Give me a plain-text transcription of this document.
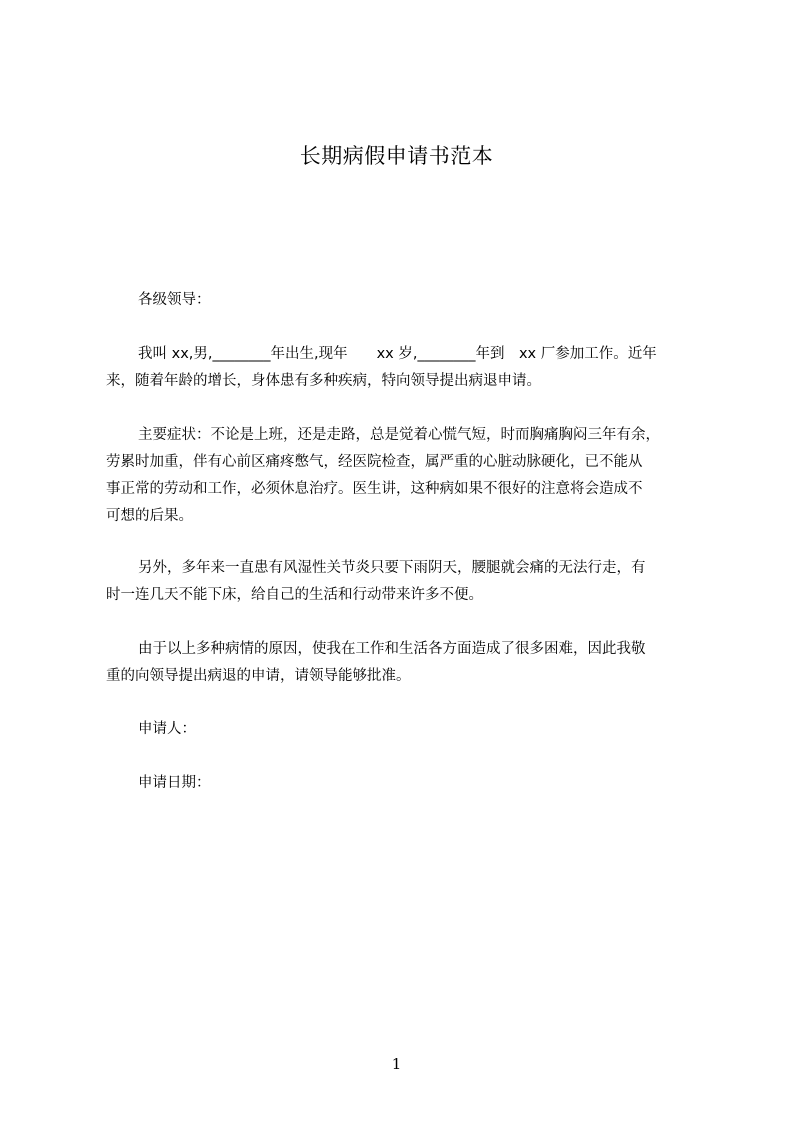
长期病假申请书范本
各级领导：
我叫 xx,男,________年出生,现年　　xx 岁,________年到　xx 厂参加工作。近年
来，随着年龄的增长，身体患有多种疾病，特向领导提出病退申请。
主要症状：不论是上班，还是走路，总是觉着心慌气短，时而胸痛胸闷三年有余，
劳累时加重，伴有心前区痛疼憋气，经医院检查，属严重的心脏动脉硬化，已不能从
事正常的劳动和工作，必须休息治疗。医生讲，这种病如果不很好的注意将会造成不
可想的后果。
另外，多年来一直患有风湿性关节炎只要下雨阴天，腰腿就会痛的无法行走，有
时一连几天不能下床，给自己的生活和行动带来许多不便。
由于以上多种病情的原因，使我在工作和生活各方面造成了很多困难，因此我敬
重的向领导提出病退的申请，请领导能够批准。
申请人：
申请日期：
1
